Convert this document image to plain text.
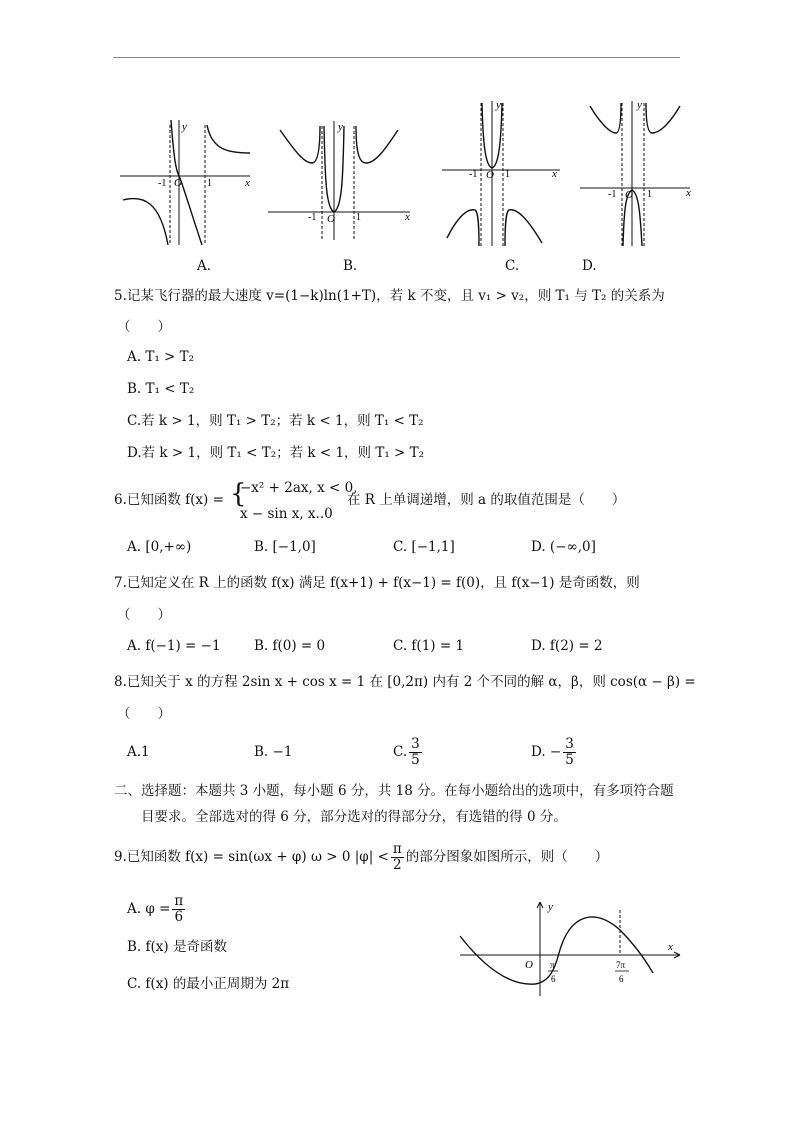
x
y
-1 O	1
x
y
-1 O 1
x
y
-1 O 1
x
y
-1 O 1
A.	B.	C.	D.
5.记某飞行器的最大速度 v=(1−k)ln(1+T)，若 k 不变，且 v₁ > v₂，则 T₁ 与 T₂ 的关系为
（　　）
A. T₁ > T₂
B. T₁ < T₂
C.若 k > 1，则 T₁ > T₂；若 k < 1，则 T₁ < T₂
D.若 k > 1，则 T₁ < T₂；若 k < 1，则 T₁ > T₂
6.已知函数 f(x) = {
−x² + 2ax, x < 0,
x − sin x, x..0
在 R 上单调递增，则 a 的取值范围是（　　）
A. [0,+∞)	B. [−1,0]	C. [−1,1]	D. (−∞,0]
7.已知定义在 R 上的函数 f(x) 满足 f(x+1) + f(x−1) = f(0)，且 f(x−1) 是奇函数，则
（　　）
A. f(−1) = −1 B. f(0) = 0	C. f(1) = 1	D. f(2) = 2
8.已知关于 x 的方程 2sin x + cos x = 1 在 [0,2π) 内有 2 个不同的解 α，β，则 cos(α − β) =
（　　）
A.1	B. −1	C. $\frac{3}{5}$	D. − $\frac{3}{5}$
二、选择题：本题共 3 小题，每小题 6 分，共 18 分。在每小题给出的选项中，有多项符合题
目要求。全部选对的得 6 分，部分选对的得部分分，有选错的得 0 分。
9.已知函数 f(x) = sin(ωx + φ) ω > 0 $|\varphi| < \frac{\pi}{2}$ 的部分图象如图所示，则（　　）
A. $\varphi = \frac{\pi}{6}$
B. f(x) 是奇函数
C. f(x) 的最小正周期为 2π
y
x
O π
6
7π
6
